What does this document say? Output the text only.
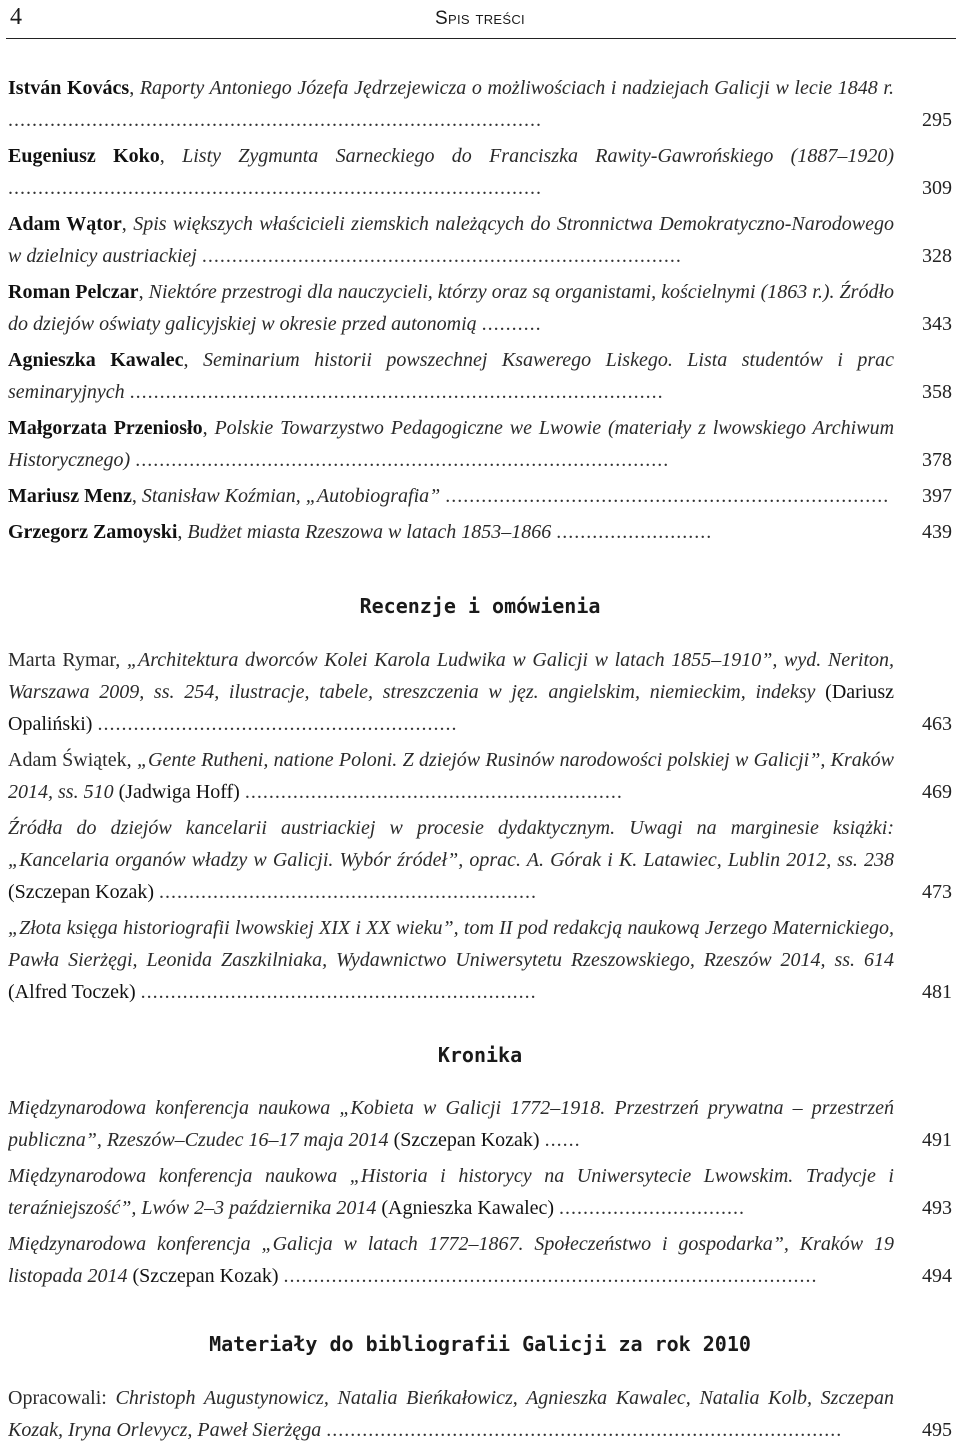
4	Spis treści
István Kovács, Raporty Antoniego Józefa Jędrzejewicza o możliwościach i nadziejach Galicji w lecie 1848 r. .........................................................................................	295
Eugeniusz Koko, Listy Zygmunta Sarneckiego do Franciszka Rawity-Gawrońskiego (1887–1920) .........................................................................................	309
Adam Wątor, Spis większych właścicieli ziemskich należących do Stronnictwa Demokratyczno-Narodowego w dzielnicy austriackiej ................................................................................	328
Roman Pelczar, Niektóre przestrogi dla nauczycieli, którzy oraz są organistami, kościelnymi (1863 r.). Źródło do dziejów oświaty galicyjskiej w okresie przed autonomią ..........	343
Agnieszka Kawalec, Seminarium historii powszechnej Ksawerego Liskego. Lista studentów i prac seminaryjnych .........................................................................................	358
Małgorzata Przeniosło, Polskie Towarzystwo Pedagogiczne we Lwowie (materiały z lwowskiego Archiwum Historycznego) .........................................................................................	378
Mariusz Menz, Stanisław Koźmian, „Autobiografia” ..........................................................................	397
Grzegorz Zamoyski, Budżet miasta Rzeszowa w latach 1853–1866 ..........................	439
Recenzje i omówienia
Marta Rymar, „Architektura dworców Kolei Karola Ludwika w Galicji w latach 1855–1910”, wyd. Neriton, Warszawa 2009, ss. 254, ilustracje, tabele, streszczenia w jęz. angielskim, niemieckim, indeksy (Dariusz Opaliński) ............................................................	463
Adam Świątek, „Gente Rutheni, natione Poloni. Z dziejów Rusinów narodowości polskiej w Galicji”, Kraków 2014, ss. 510 (Jadwiga Hoff) ...............................................................	469
Źródła do dziejów kancelarii austriackiej w procesie dydaktycznym. Uwagi na marginesie książki: „Kancelaria organów władzy w Galicji. Wybór źródeł”, oprac. A. Górak i K. Latawiec, Lublin 2012, ss. 238 (Szczepan Kozak) ...............................................................	473
„Złota księga historiografii lwowskiej XIX i XX wieku”, tom II pod redakcją naukową Jerzego Maternickiego, Pawła Sierżęgi, Leonida Zaszkilniaka, Wydawnictwo Uniwersytetu Rzeszowskiego, Rzeszów 2014, ss. 614 (Alfred Toczek) ..................................................................	481
Kronika
Międzynarodowa konferencja naukowa „Kobieta w Galicji 1772–1918. Przestrzeń prywatna – przestrzeń publiczna”, Rzeszów–Czudec 16–17 maja 2014 (Szczepan Kozak) ......	491
Międzynarodowa konferencja naukowa „Historia i historycy na Uniwersytecie Lwowskim. Tradycje i teraźniejszość”, Lwów 2–3 października 2014 (Agnieszka Kawalec) ...............................	493
Międzynarodowa konferencja „Galicja w latach 1772–1867. Społeczeństwo i gospodarka”, Kraków 19 listopada 2014 (Szczepan Kozak) .........................................................................................	494
Materiały do bibliografii Galicji za rok 2010
Opracowali: Christoph Augustynowicz, Natalia Bieńkałowicz, Agnieszka Kawalec, Natalia Kolb, Szczepan Kozak, Iryna Orlevycz, Paweł Sierżęga ......................................................................................	495
